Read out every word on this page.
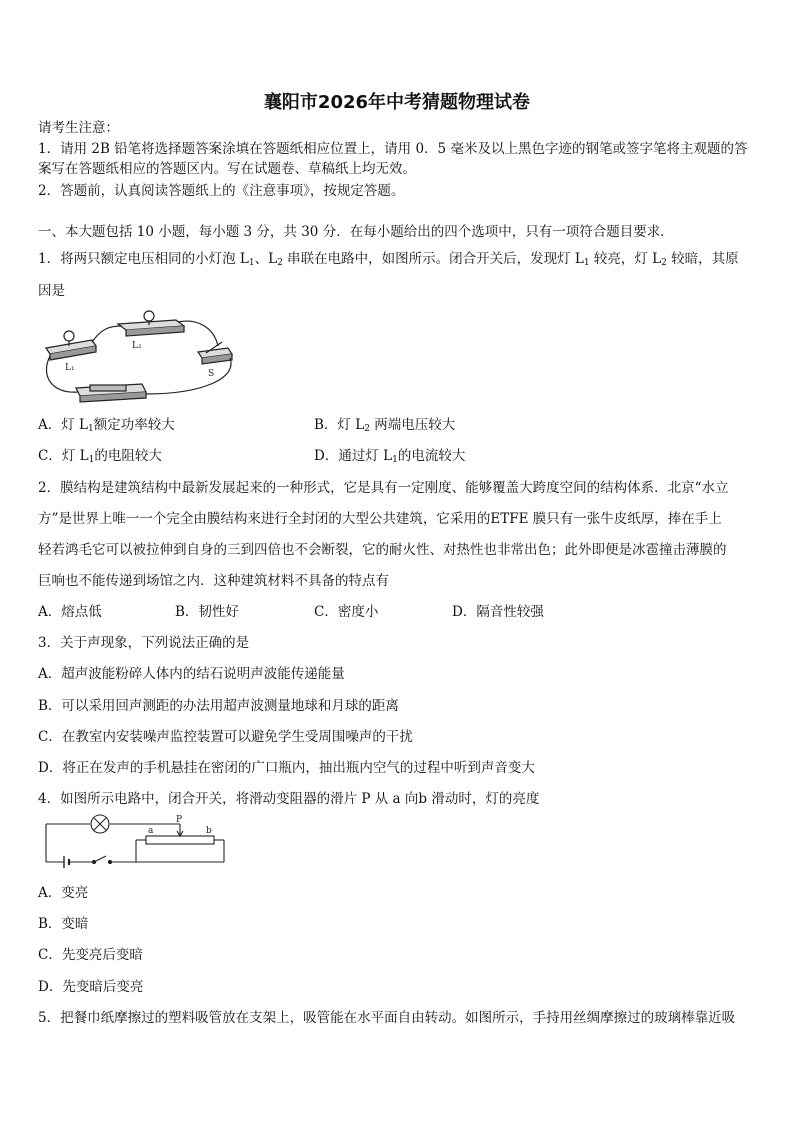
襄阳市2026年中考猜题物理试卷
请考生注意：
1．请用 2B 铅笔将选择题答案涂填在答题纸相应位置上，请用 0．5 毫米及以上黑色字迹的钢笔或签字笔将主观题的答
案写在答题纸相应的答题区内。写在试题卷、草稿纸上均无效。
2．答题前，认真阅读答题纸上的《注意事项》，按规定答题。
一、本大题包括 10 小题，每小题 3 分，共 30 分．在每小题给出的四个选项中，只有一项符合题目要求．
1．将两只额定电压相同的小灯泡 $L_1$、$L_2$ 串联在电路中，如图所示。闭合开关后，发现灯 $L_1$ 较亮，灯 $L_2$ 较暗，其原
因是
L₁
L₂
S
A．灯 $L_1$额定功率较大	B．灯 $L_2$ 两端电压较大
C．灯 $L_1$的电阻较大	D．通过灯 $L_1$的电流较大
2．膜结构是建筑结构中最新发展起来的一种形式，它是具有一定刚度、能够覆盖大跨度空间的结构体系．北京“水立
方”是世界上唯一一个完全由膜结构来进行全封闭的大型公共建筑，它采用的ETFE 膜只有一张牛皮纸厚，捧在手上
轻若鸿毛它可以被拉伸到自身的三到四倍也不会断裂，它的耐火性、对热性也非常出色；此外即便是冰雹撞击薄膜的
巨响也不能传递到场馆之内．这种建筑材料不具备的特点有
A．熔点低	B．韧性好	C．密度小	D．隔音性较强
3．关于声现象，下列说法正确的是
A．超声波能粉碎人体内的结石说明声波能传递能量
B．可以采用回声测距的办法用超声波测量地球和月球的距离
C．在教室内安装噪声监控装置可以避免学生受周围噪声的干扰
D．将正在发声的手机悬挂在密闭的广口瓶内，抽出瓶内空气的过程中听到声音变大
4．如图所示电路中，闭合开关，将滑动变阻器的滑片 P 从 a 向b 滑动时，灯的亮度
P
a	b
A．变亮
B．变暗
C．先变亮后变暗
D．先变暗后变亮
5．把餐巾纸摩擦过的塑料吸管放在支架上，吸管能在水平面自由转动。如图所示，手持用丝绸摩擦过的玻璃棒靠近吸
